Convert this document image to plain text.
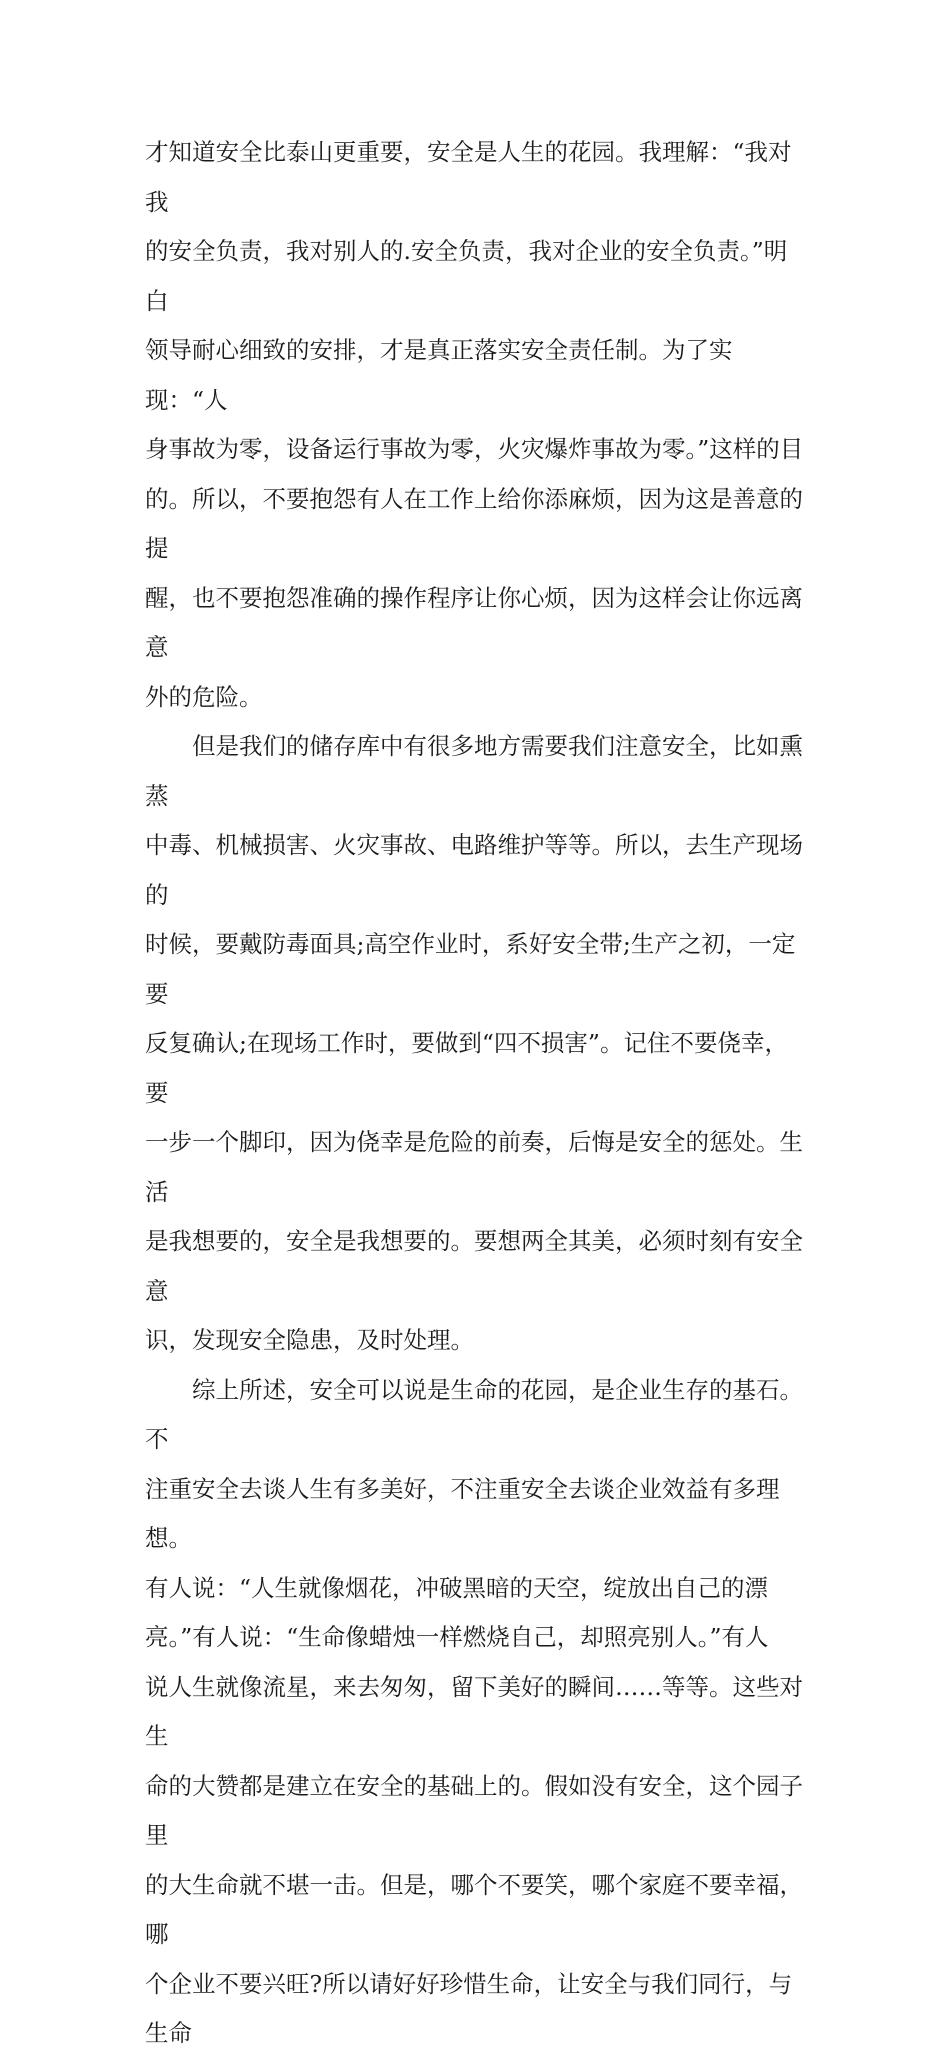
才知道安全比泰山更重要，安全是人生的花园。我理解：“我对我
的安全负责，我对别人的.安全负责，我对企业的安全负责。”明白
领导耐心细致的安排，才是真正落实安全责任制。为了实现：“人
身事故为零，设备运行事故为零，火灾爆炸事故为零。”这样的目
的。所以，不要抱怨有人在工作上给你添麻烦，因为这是善意的提
醒，也不要抱怨准确的操作程序让你心烦，因为这样会让你远离意
外的危险。

但是我们的储存库中有很多地方需要我们注意安全，比如熏蒸
中毒、机械损害、火灾事故、电路维护等等。所以，去生产现场的
时候，要戴防毒面具;高空作业时，系好安全带;生产之初，一定要
反复确认;在现场工作时，要做到“四不损害”。记住不要侥幸，要
一步一个脚印，因为侥幸是危险的前奏，后悔是安全的惩处。生活
是我想要的，安全是我想要的。要想两全其美，必须时刻有安全意
识，发现安全隐患，及时处理。

综上所述，安全可以说是生命的花园，是企业生存的基石。不
注重安全去谈人生有多美好，不注重安全去谈企业效益有多理想。
有人说：“人生就像烟花，冲破黑暗的天空，绽放出自己的漂
亮。”有人说：“生命像蜡烛一样燃烧自己，却照亮别人。”有人
说人生就像流星，来去匆匆，留下美好的瞬间……等等。这些对生
命的大赞都是建立在安全的基础上的。假如没有安全，这个园子里
的大生命就不堪一击。但是，哪个不要笑，哪个家庭不要幸福，哪
个企业不要兴旺?所以请好好珍惜生命，让安全与我们同行，与生命
